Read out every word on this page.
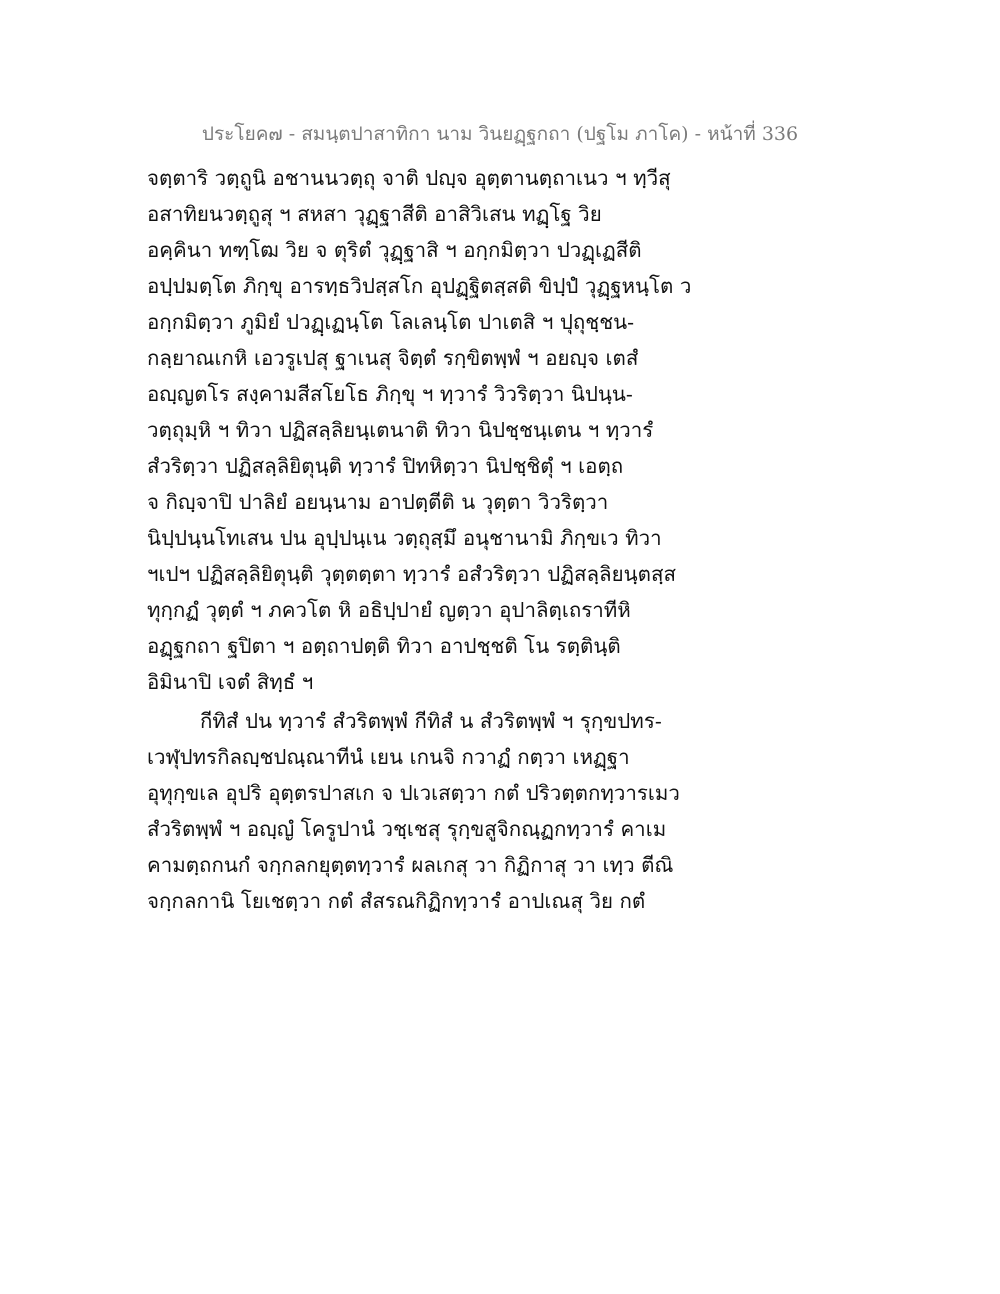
ประโยค๗ - สมนฺตปาสาทิกา นาม วินยฏฺฐกถา (ปฐโม ภาโค) - หน้าที่ 336
จตฺตาริ วตฺถูนิ อชานนวตฺถุ จาติ ปญฺจ อุตฺตานตฺถาเนว ฯ ทฺวีสุ
อสาทิยนวตฺถูสุ ฯ สหสา วุฏฺฐาสีติ อาสิวิเสน ทฏฺโฐ วิย
อคฺคินา ทฑฺโฒ วิย จ ตุริตํ วุฏฺฐาสิ ฯ อกฺกมิตฺวา ปวฏฺเฏสีติ
อปฺปมตฺโต ภิกฺขุ อารทฺธวิปสฺสโก อุปฏฺฐิตสฺสติ ขิปฺปํ วุฏฺฐหนฺโต ว
อกฺกมิตฺวา ภูมิยํ ปวฏฺเฏนฺโต โลเลนฺโต ปาเตสิ ฯ ปุถุชฺชน-
กลฺยาณเกหิ เอวรูเปสุ ฐาเนสุ จิตฺตํ รกฺขิตพฺพํ ฯ อยญฺจ เตสํ
อญฺญตโร สงฺคามสีสโยโธ ภิกฺขุ ฯ ทฺวารํ วิวริตฺวา นิปนฺน-
วตฺถุมฺหิ ฯ ทิวา ปฏิสลฺลิยนฺเตนาติ ทิวา นิปชฺชนฺเตน ฯ ทฺวารํ
สํวริตฺวา ปฏิสลฺลิยิตุนฺติ ทฺวารํ ปิทหิตฺวา นิปชฺชิตุํ ฯ เอตฺถ
จ กิญฺจาปิ ปาลิยํ อยนฺนาม อาปตฺตีติ น วุตฺตา วิวริตฺวา
นิปฺปนฺนโทเสน ปน อุปฺปนฺเน วตฺถุสฺมึ อนุชานามิ ภิกฺขเว ทิวา
ฯเปฯ ปฏิสลฺลิยิตุนฺติ วุตฺตตฺตา ทฺวารํ อสํวริตฺวา ปฏิสลฺลิยนฺตสฺส
ทุกฺกฏํ วุตฺตํ ฯ ภควโต หิ อธิปฺปายํ ญตฺวา อุปาลิตฺเถราทีหิ
อฏฺฐกถา ฐปิตา ฯ อตฺถาปตฺติ ทิวา อาปชฺชติ โน รตฺตินฺติ
อิมินาปิ เจตํ สิทฺธํ ฯ
กีทิสํ ปน ทฺวารํ สํวริตพฺพํ กีทิสํ น สํวริตพฺพํ ฯ รุกฺขปทร-
เวฬุปทรกิลญฺชปณฺณาทีนํ เยน เกนจิ กวาฏํ กตฺวา เหฏฺฐา
อุทุกฺขเล อุปริ อุตฺตรปาสเก จ ปเวเสตฺวา กตํ ปริวตฺตกทฺวารเมว
สํวริตพฺพํ ฯ อญฺญํ โครูปานํ วชฺเชสุ รุกฺขสูจิกณฺฏกทฺวารํ คาเม
คามตฺถกนกํ จกฺกลกยุตฺตทฺวารํ ผลเกสุ วา กิฏิกาสุ วา เทฺว ตีณิ
จกฺกลกานิ โยเชตฺวา กตํ สํสรณกิฏิกทฺวารํ อาปเณสุ วิย กตํ
